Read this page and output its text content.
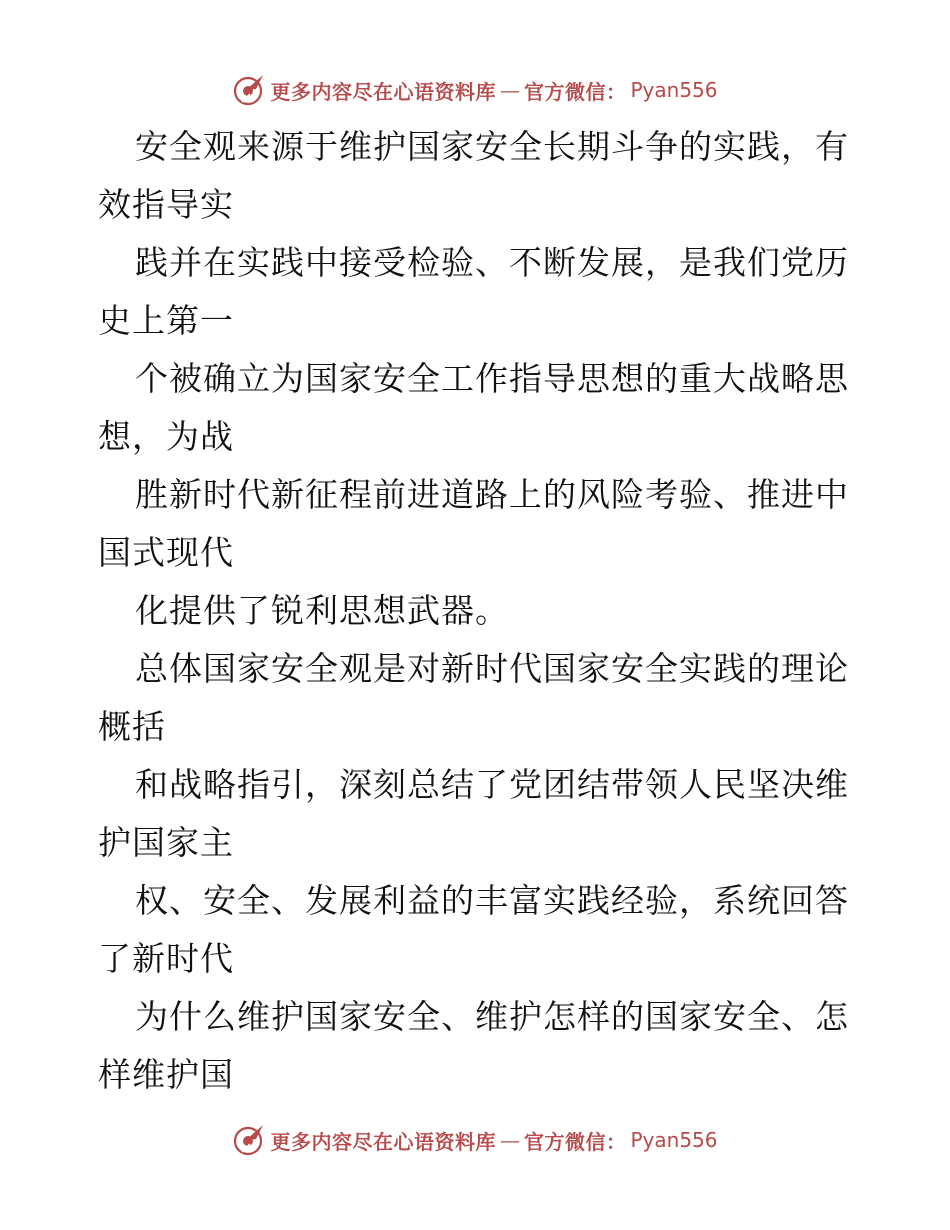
更多内容尽在心语资料库 — 官方微信： Pyan556
安全观来源于维护国家安全长期斗争的实践，有
效指导实
践并在实践中接受检验、不断发展，是我们党历
史上第一
个被确立为国家安全工作指导思想的重大战略思
想，为战
胜新时代新征程前进道路上的风险考验、推进中
国式现代
化提供了锐利思想武器。
总体国家安全观是对新时代国家安全实践的理论
概括
和战略指引，深刻总结了党团结带领人民坚决维
护国家主
权、安全、发展利益的丰富实践经验，系统回答
了新时代
为什么维护国家安全、维护怎样的国家安全、怎
样维护国
更多内容尽在心语资料库 — 官方微信： Pyan556
